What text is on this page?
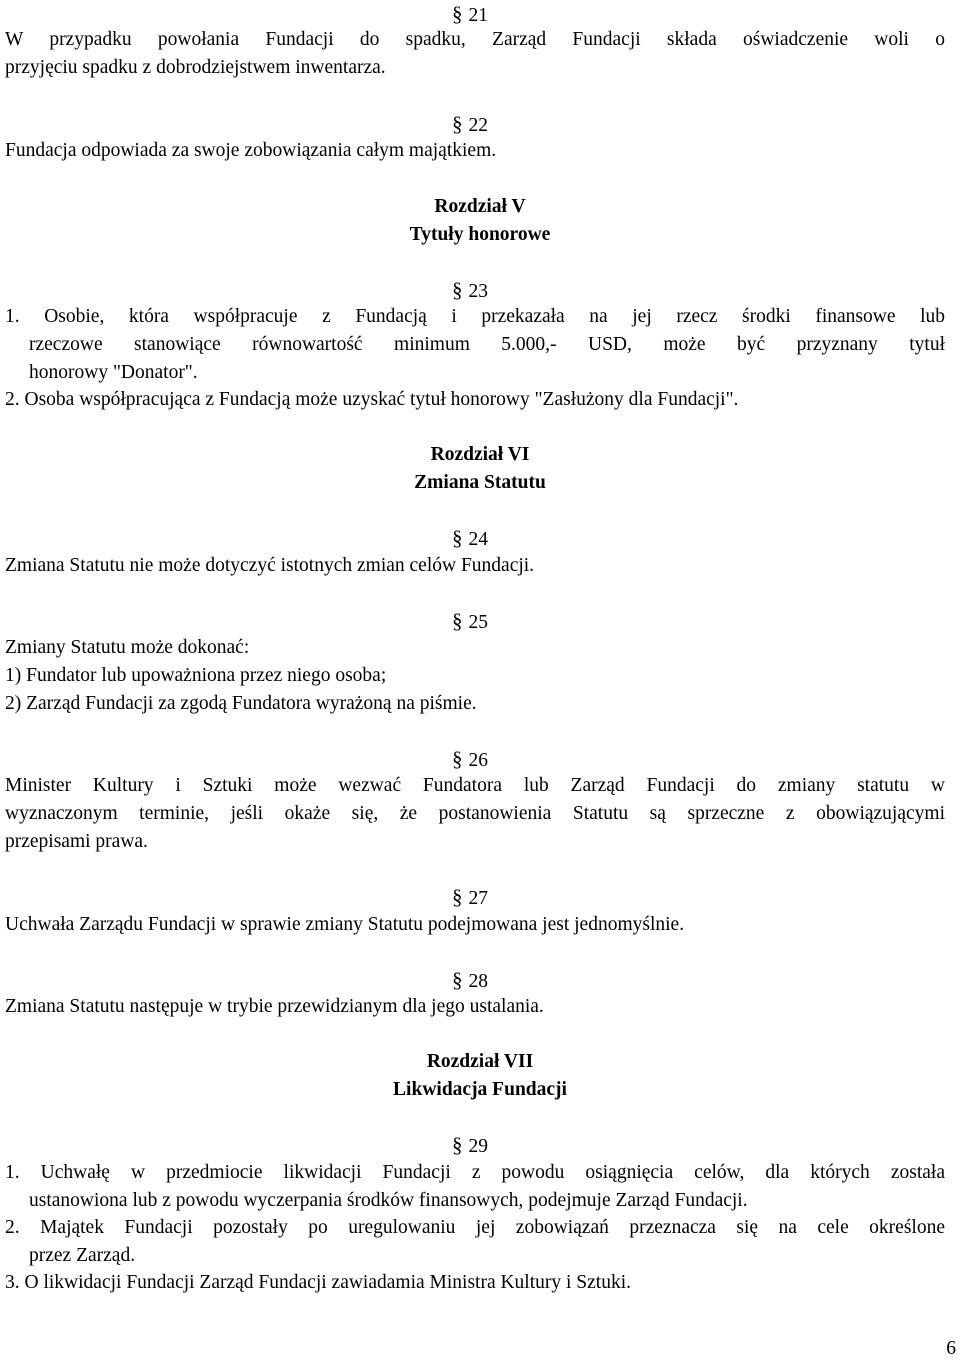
§ 21
W przypadku powołania Fundacji do spadku, Zarząd Fundacji składa oświadczenie woli o
przyjęciu spadku z dobrodziejstwem inwentarza.
§ 22
Fundacja odpowiada za swoje zobowiązania całym majątkiem.
Rozdział V
Tytuły honorowe
§ 23
1. Osobie, która współpracuje z Fundacją i przekazała na jej rzecz środki finansowe lub
rzeczowe stanowiące równowartość minimum 5.000,- USD, może być przyznany tytuł
honorowy "Donator".
2. Osoba współpracująca z Fundacją może uzyskać tytuł honorowy "Zasłużony dla Fundacji".
Rozdział VI
Zmiana Statutu
§ 24
Zmiana Statutu nie może dotyczyć istotnych zmian celów Fundacji.
§ 25
Zmiany Statutu może dokonać:
1) Fundator lub upoważniona przez niego osoba;
2) Zarząd Fundacji za zgodą Fundatora wyrażoną na piśmie.
§ 26
Minister Kultury i Sztuki może wezwać Fundatora lub Zarząd Fundacji do zmiany statutu w
wyznaczonym terminie, jeśli okaże się, że postanowienia Statutu są sprzeczne z obowiązującymi
przepisami prawa.
§ 27
Uchwała Zarządu Fundacji w sprawie zmiany Statutu podejmowana jest jednomyślnie.
§ 28
Zmiana Statutu następuje w trybie przewidzianym dla jego ustalania.
Rozdział VII
Likwidacja Fundacji
§ 29
1. Uchwałę w przedmiocie likwidacji Fundacji z powodu osiągnięcia celów, dla których została
ustanowiona lub z powodu wyczerpania środków finansowych, podejmuje Zarząd Fundacji.
2. Majątek Fundacji pozostały po uregulowaniu jej zobowiązań przeznacza się na cele określone
przez Zarząd.
3. O likwidacji Fundacji Zarząd Fundacji zawiadamia Ministra Kultury i Sztuki.
6
